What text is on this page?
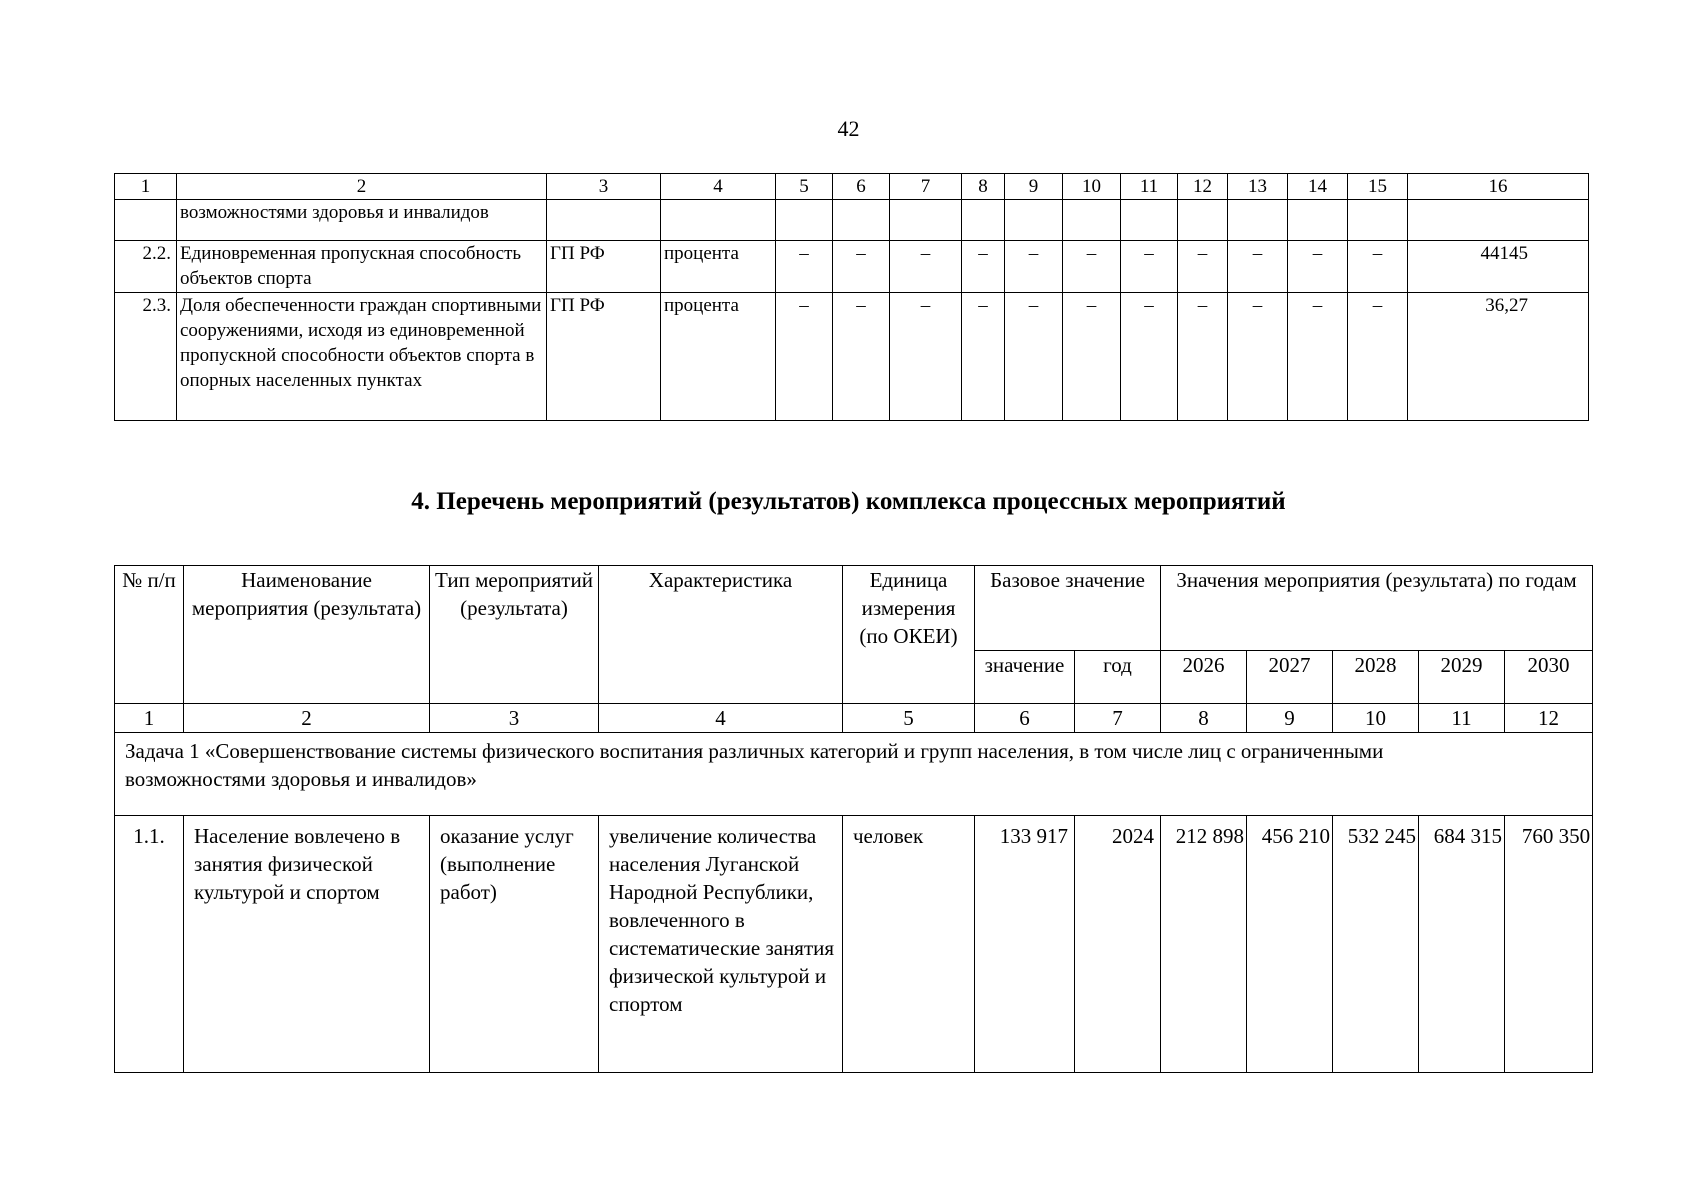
42
1	2	3	4	5	6	7	8	9	10	11	12	13	14	15	16
	возможностями здоровья и инвалидов														
2.2.	Единовременная пропускная способность объектов спорта	ГП РФ	процента	–	–	–	–	–	–	–	–	–	–	–	44145
2.3.	Доля обеспеченности граждан спортивными сооружениями, исходя из единовременной пропускной способности объектов спорта в опорных населенных пунктах	ГП РФ	процента	–	–	–	–	–	–	–	–	–	–	–	36,27
4. Перечень мероприятий (результатов) комплекса процессных мероприятий
№ п/п	Наименование мероприятия (результата)	Тип мероприятий (результата)	Характеристика	Единица измерения (по ОКЕИ)	Базовое значение		Значения мероприятия (результата) по годам				
					значение	год	2026	2027	2028	2029	2030
1	2	3	4	5	6	7	8	9	10	11	12
Задача 1 «Совершенствование системы физического воспитания различных категорий и групп населения, в том числе лиц с ограниченными возможностями здоровья и инвалидов»											
1.1.	Население вовлечено в занятия физической культурой и спортом	оказание услуг (выполнение работ)	увеличение количества населения Луганской Народной Республики, вовлеченного в систематические занятия физической культурой и спортом	человек	133 917	2024	212 898	456 210	532 245	684 315	760 350
